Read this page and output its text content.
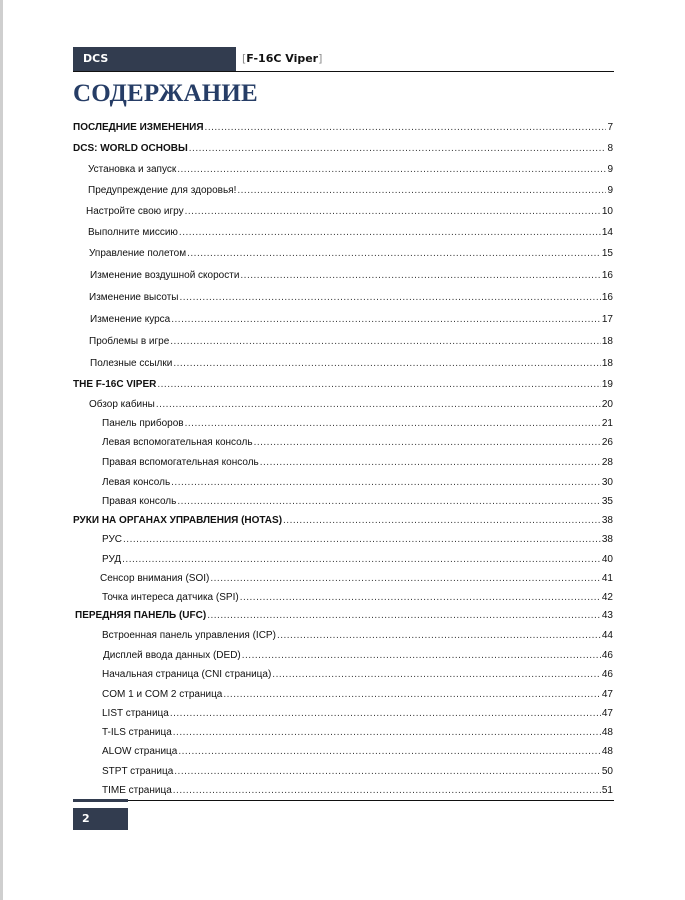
DCS	[F-16C Viper]
СОДЕРЖАНИЕ
ПОСЛЕДНИЕ ИЗМЕНЕНИЯ .....	7
DCS: WORLD ОСНОВЫ .....	8
Установка и запуск .....	9
Предупреждение для здоровья! .....	9
Настройте свою игру .....	10
Выполните миссию .....	14
Управление полетом .....	15
Изменение воздушной скорости .....	16
Изменение высоты .....	16
Изменение курса .....	17
Проблемы в игре .....	18
Полезные ссылки .....	18
THE F-16C VIPER .....	19
Обзор кабины .....	20
Панель приборов .....	21
Левая вспомогательная консоль .....	26
Правая вспомогательная консоль .....	28
Левая консоль .....	30
Правая консоль .....	35
РУКИ НА ОРГАНАХ УПРАВЛЕНИЯ (HOTAS) .....	38
РУС .....	38
РУД .....	40
Сенсор внимания (SOI) .....	41
Точка интереса датчика (SPI) .....	42
ПЕРЕДНЯЯ ПАНЕЛЬ (UFC) .....	43
Встроенная панель управления (ICP) .....	44
Дисплей ввода данных (DED) .....	46
Начальная страница (CNI страница) .....	46
COM 1 и COM 2 страница .....	47
LIST страница .....	47
T-ILS страница .....	48
ALOW страница .....	48
STPT страница .....	50
TIME страница .....	51
2
